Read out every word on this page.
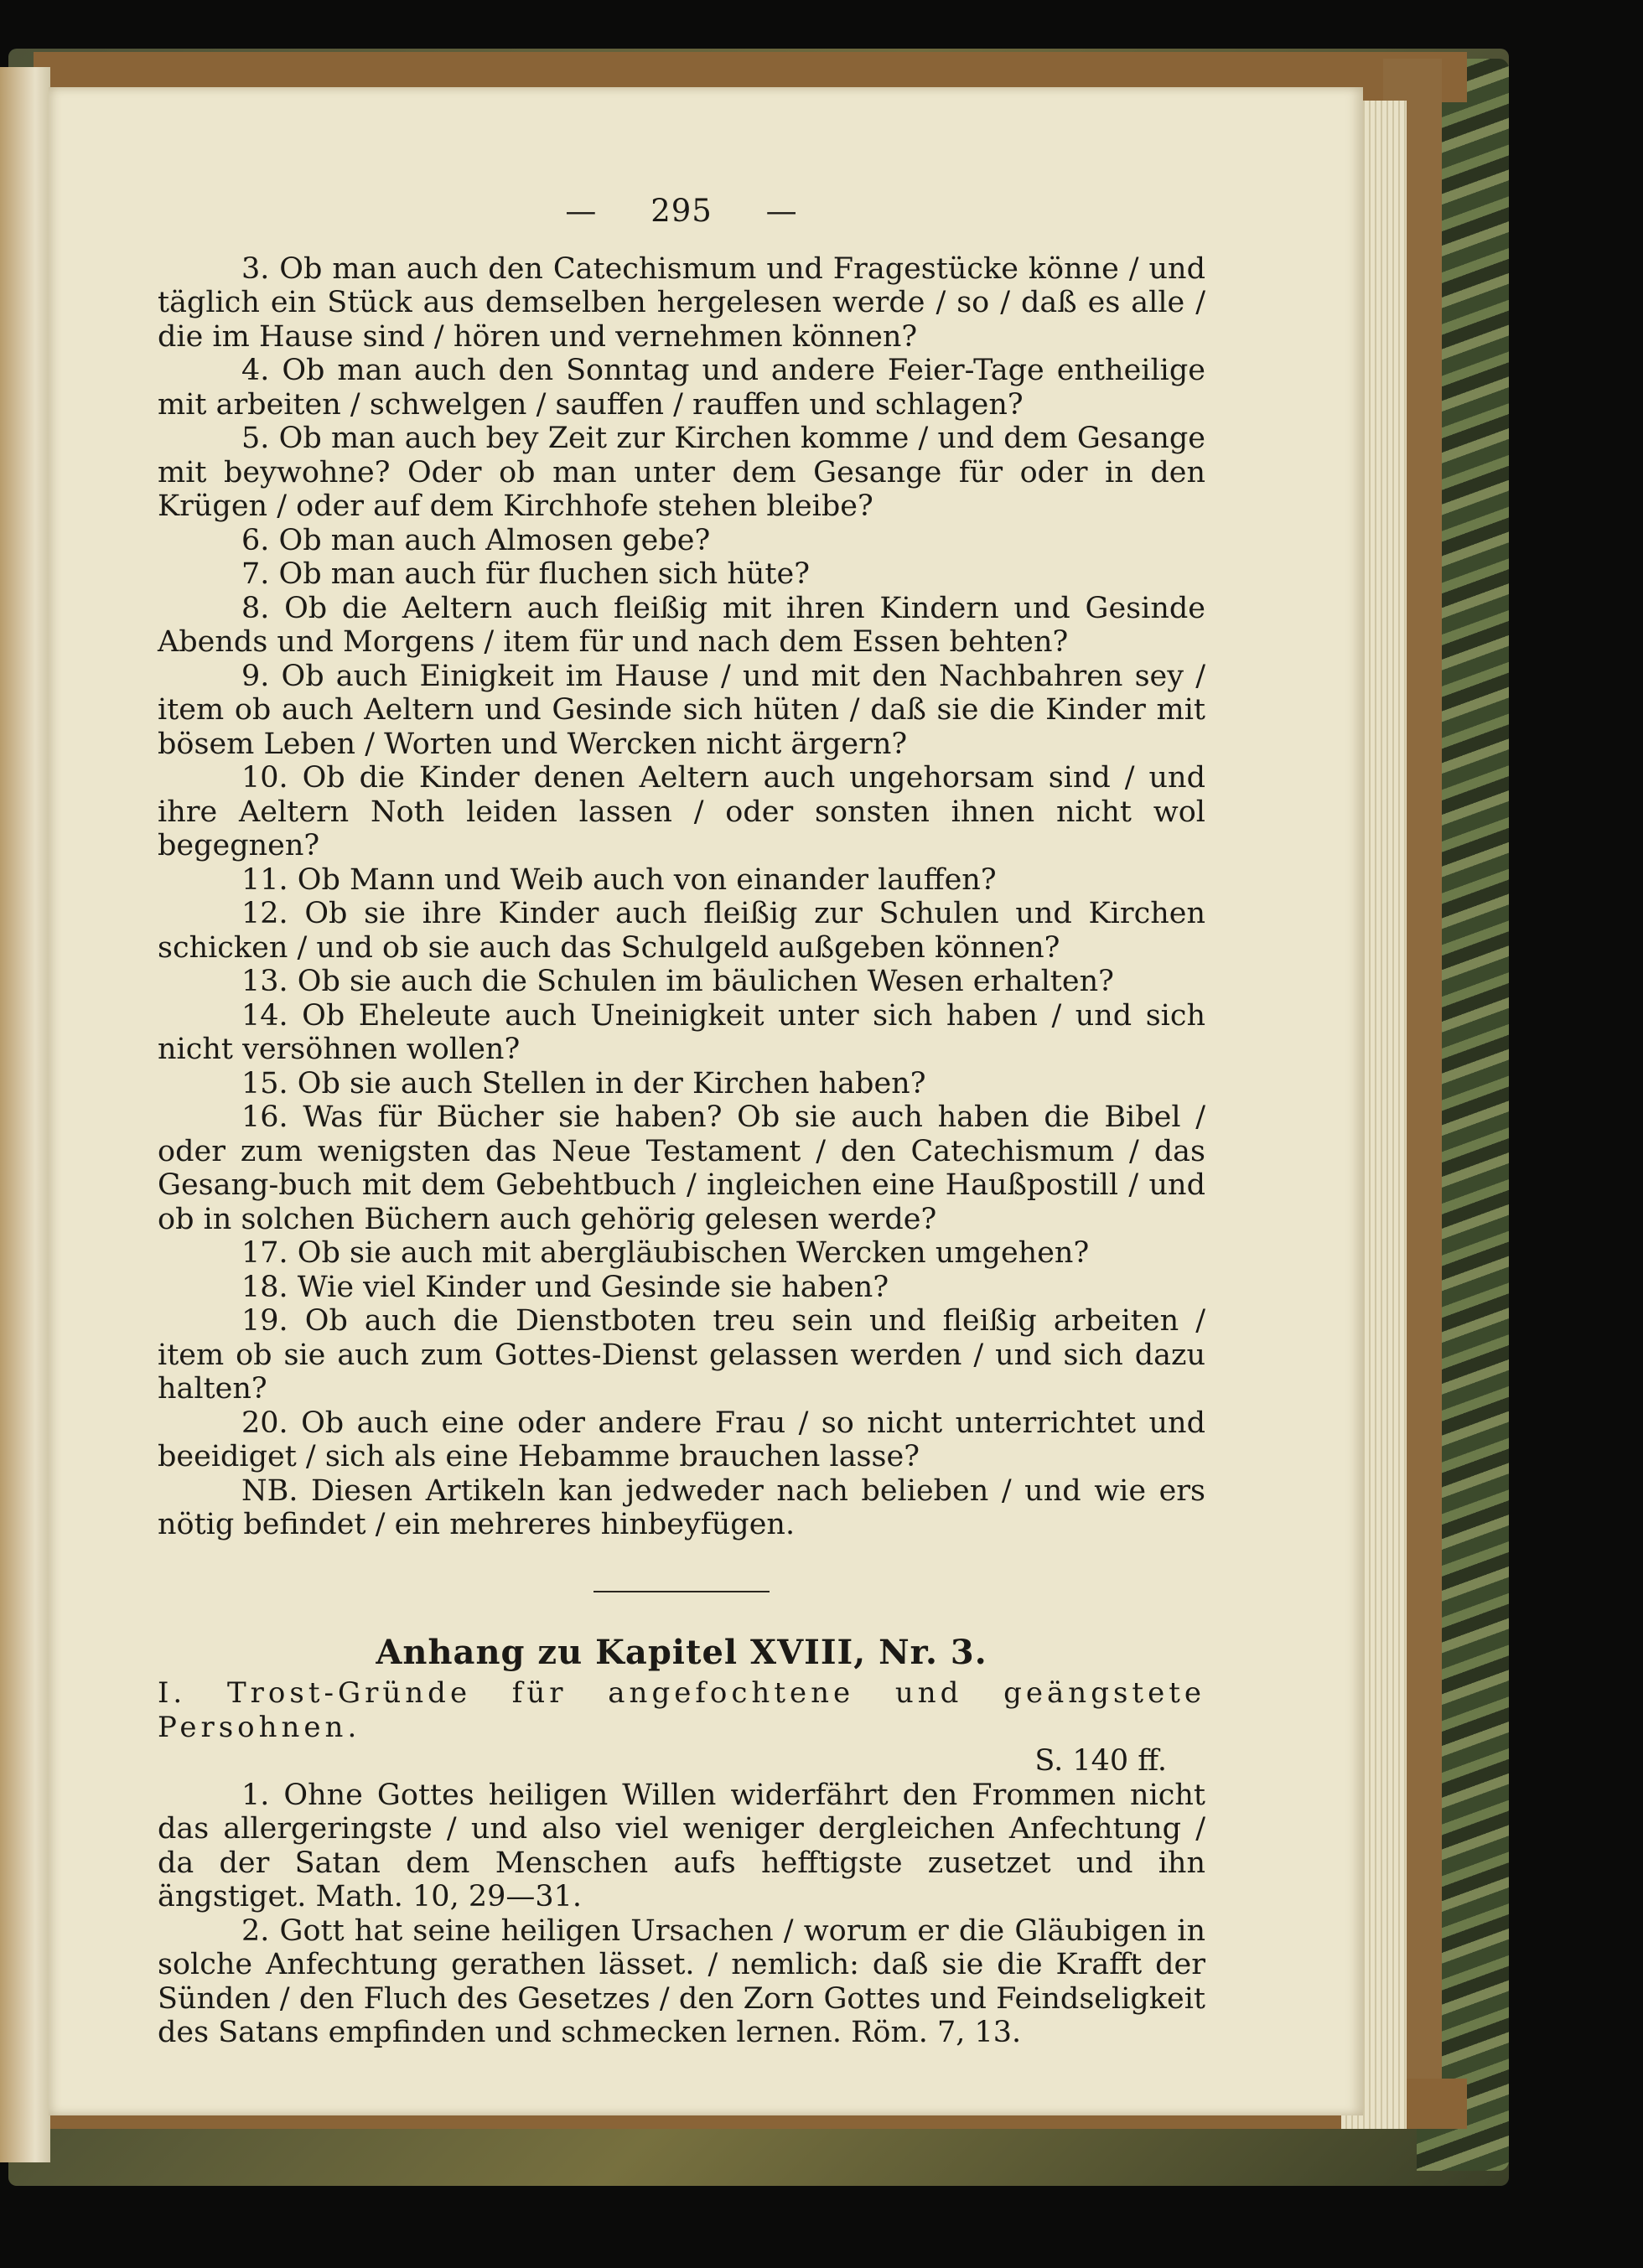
— 295 —

3. Ob man auch den Catechismum und Fragestücke könne / und täglich ein Stück aus demselben hergelesen werde / so / daß es alle / die im Hause sind / hören und vernehmen können?

4. Ob man auch den Sonntag und andere Feier-Tage entheilige mit arbeiten / schwelgen / sauffen / rauffen und schlagen?

5. Ob man auch bey Zeit zur Kirchen komme / und dem Gesange mit beywohne? Oder ob man unter dem Gesange für oder in den Krügen / oder auf dem Kirchhofe stehen bleibe?

6. Ob man auch Almosen gebe?

7. Ob man auch für fluchen sich hüte?

8. Ob die Aeltern auch fleißig mit ihren Kindern und Gesinde Abends und Morgens / item für und nach dem Essen behten?

9. Ob auch Einigkeit im Hause / und mit den Nachbahren sey / item ob auch Aeltern und Gesinde sich hüten / daß sie die Kinder mit bösem Leben / Worten und Wercken nicht ärgern?

10. Ob die Kinder denen Aeltern auch ungehorsam sind / und ihre Aeltern Noth leiden lassen / oder sonsten ihnen nicht wol begegnen?

11. Ob Mann und Weib auch von einander lauffen?

12. Ob sie ihre Kinder auch fleißig zur Schulen und Kirchen schicken / und ob sie auch das Schulgeld außgeben können?

13. Ob sie auch die Schulen im bäulichen Wesen erhalten?

14. Ob Eheleute auch Uneinigkeit unter sich haben / und sich nicht versöhnen wollen?

15. Ob sie auch Stellen in der Kirchen haben?

16. Was für Bücher sie haben? Ob sie auch haben die Bibel / oder zum wenigsten das Neue Testament / den Catechismum / das Gesang-buch mit dem Gebehtbuch / ingleichen eine Haußpostill / und ob in solchen Büchern auch gehörig gelesen werde?

17. Ob sie auch mit abergläubischen Wercken umgehen?

18. Wie viel Kinder und Gesinde sie haben?

19. Ob auch die Dienstboten treu sein und fleißig arbeiten / item ob sie auch zum Gottes-Dienst gelassen werden / und sich dazu halten?

20. Ob auch eine oder andere Frau / so nicht unterrichtet und beeidiget / sich als eine Hebamme brauchen lasse?

NB. Diesen Artikeln kan jedweder nach belieben / und wie ers nötig befindet / ein mehreres hinbeyfügen.

Anhang zu Kapitel XVIII, Nr. 3.

I. Trost-Gründe für angefochtene und geängstete Persohnen.

S. 140 ff.

1. Ohne Gottes heiligen Willen widerfährt den Frommen nicht das allergeringste / und also viel weniger dergleichen Anfechtung / da der Satan dem Menschen aufs hefftigste zusetzet und ihn ängstiget. Math. 10, 29—31.

2. Gott hat seine heiligen Ursachen / worum er die Gläubigen in solche Anfechtung gerathen lässet. / nemlich: daß sie die Krafft der Sünden / den Fluch des Gesetzes / den Zorn Gottes und Feindseligkeit des Satans empfinden und schmecken lernen. Röm. 7, 13.
